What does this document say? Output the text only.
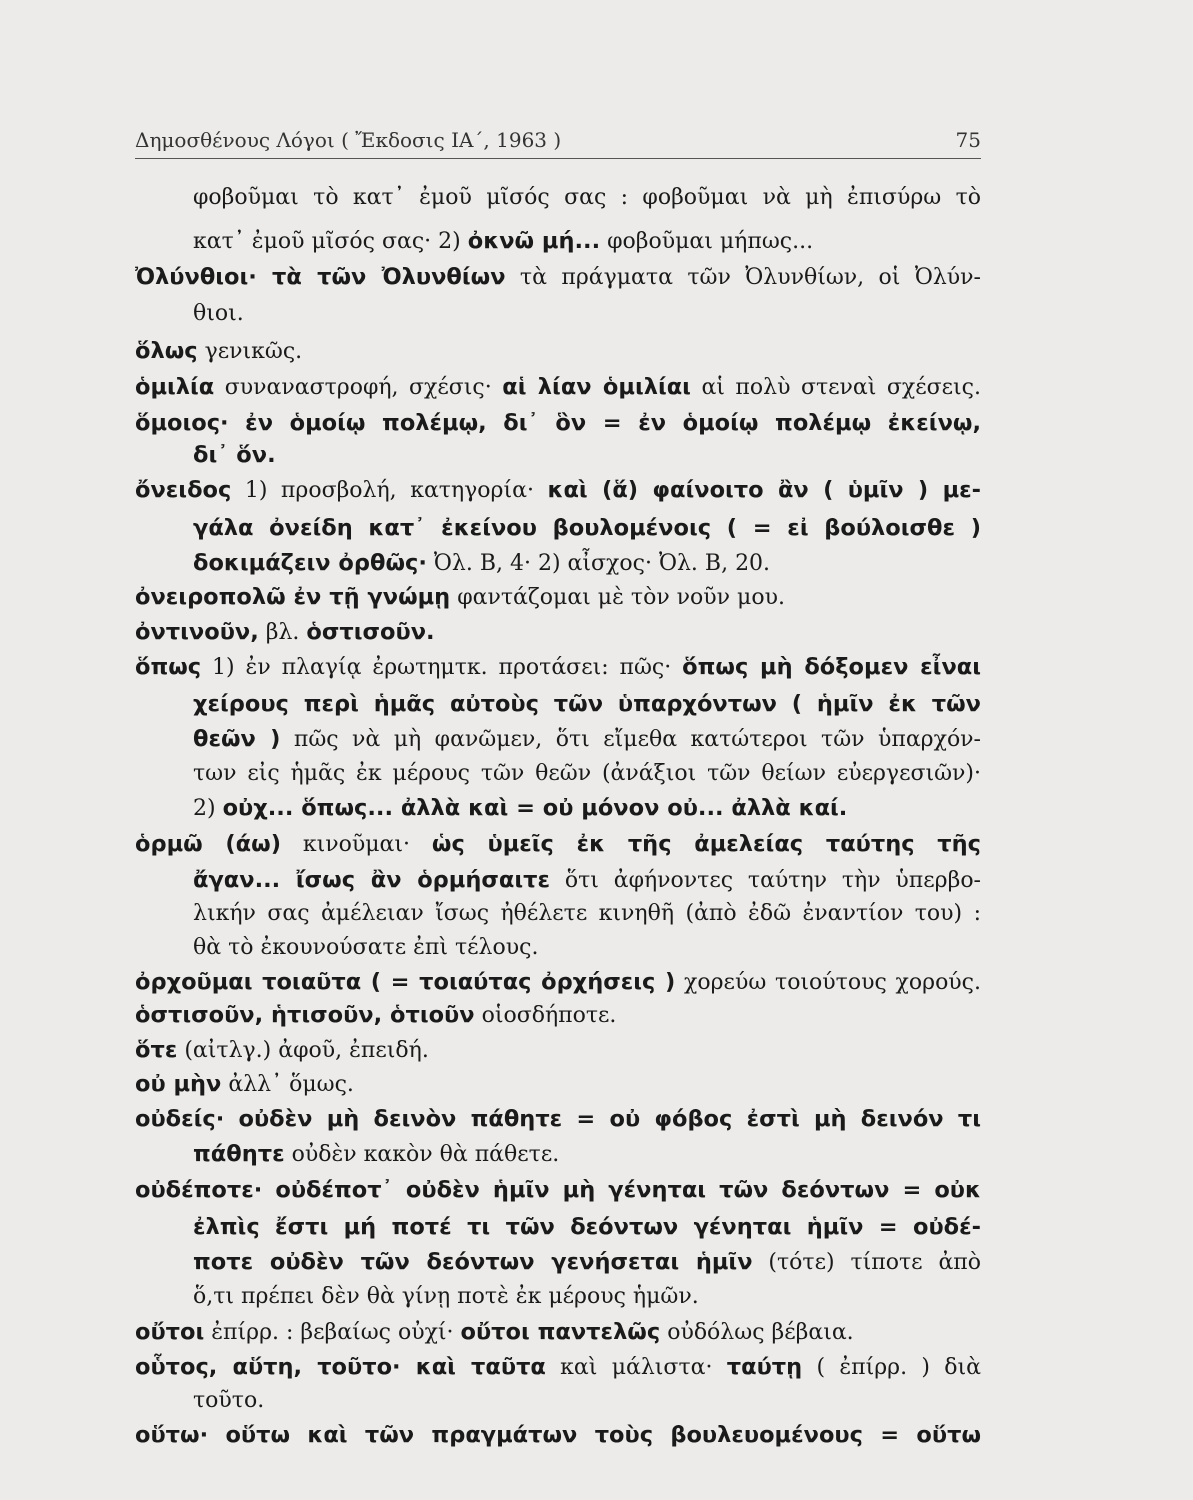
Δημοσθένους Λόγοι ( Ἔκδοσις ΙΑ΄, 1963 )	75
φοβοῦμαι τὸ κατ᾽ ἐμοῦ μῖσός σας : φοβοῦμαι νὰ μὴ ἐπισύρω τὸ
κατ᾽ ἐμοῦ μῖσός σας· 2) ὀκνῶ μή... φοβοῦμαι μήπως...
Ὀλύνθιοι· τὰ τῶν Ὀλυνθίων τὰ πράγματα τῶν Ὀλυνθίων, οἱ Ὀλύν-
θιοι.
ὅλως γενικῶς.
ὁμιλία συναναστροφή, σχέσις· αἱ λίαν ὁμιλίαι αἱ πολὺ στεναὶ σχέσεις.
ὅμοιος· ἐν ὁμοίῳ πολέμῳ, δι᾽ ὃν = ἐν ὁμοίῳ πολέμῳ ἐκείνῳ,
δι᾽ ὅν.
ὄνειδος 1) προσβολή, κατηγορία· καὶ (ἅ) φαίνοιτο ἂν ( ὑμῖν ) με-
γάλα ὀνείδη κατ᾽ ἐκείνου βουλομένοις ( = εἰ βούλοισθε )
δοκιμάζειν ὀρθῶς· Ὀλ. Β, 4· 2) αἶσχος· Ὀλ. Β, 20.
ὀνειροπολῶ ἐν τῇ γνώμῃ φαντάζομαι μὲ τὸν νοῦν μου.
ὀντινοῦν, βλ. ὁστισοῦν.
ὅπως 1) ἐν πλαγίᾳ ἐρωτημτκ. προτάσει: πῶς· ὅπως μὴ δόξομεν εἶναι
χείρους περὶ ἡμᾶς αὐτοὺς τῶν ὑπαρχόντων ( ἡμῖν ἐκ τῶν
θεῶν ) πῶς νὰ μὴ φανῶμεν, ὅτι εἴμεθα κατώτεροι τῶν ὑπαρχόν-
των εἰς ἡμᾶς ἐκ μέρους τῶν θεῶν (ἀνάξιοι τῶν θείων εὐεργεσιῶν)·
2) οὐχ... ὅπως... ἀλλὰ καὶ = οὐ μόνον οὐ... ἀλλὰ καί.
ὁρμῶ (άω) κινοῦμαι· ὡς ὑμεῖς ἐκ τῆς ἀμελείας ταύτης τῆς
ἄγαν... ἴσως ἂν ὁρμήσαιτε ὅτι ἀφήνοντες ταύτην τὴν ὑπερβο-
λικήν σας ἀμέλειαν ἴσως ἠθέλετε κινηθῆ (ἀπὸ ἐδῶ ἐναντίον του) :
θὰ τὸ ἐκουνούσατε ἐπὶ τέλους.
ὀρχοῦμαι τοιαῦτα ( = τοιαύτας ὀρχήσεις ) χορεύω τοιούτους χορούς.
ὁστισοῦν, ἡτισοῦν, ὁτιοῦν οἱοσδήποτε.
ὅτε (αἰτλγ.) ἀφοῦ, ἐπειδή.
οὐ μὴν ἀλλ᾽ ὅμως.
οὐδείς· οὐδὲν μὴ δεινὸν πάθητε = οὐ φόβος ἐστὶ μὴ δεινόν τι
πάθητε οὐδὲν κακὸν θὰ πάθετε.
οὐδέποτε· οὐδέποτ᾽ οὐδὲν ἡμῖν μὴ γένηται τῶν δεόντων = οὐκ
ἐλπὶς ἔστι μή ποτέ τι τῶν δεόντων γένηται ἡμῖν = οὐδέ-
ποτε οὐδὲν τῶν δεόντων γενήσεται ἡμῖν (τότε) τίποτε ἀπὸ
ὅ,τι πρέπει δὲν θὰ γίνῃ ποτὲ ἐκ μέρους ἡμῶν.
οὔτοι ἐπίρρ. : βεβαίως οὐχί· οὔτοι παντελῶς οὐδόλως βέβαια.
οὗτος, αὕτη, τοῦτο· καὶ ταῦτα καὶ μάλιστα· ταύτῃ ( ἐπίρρ. ) διὰ
τοῦτο.
οὕτω· οὕτω καὶ τῶν πραγμάτων τοὺς βουλευομένους = οὕτω
